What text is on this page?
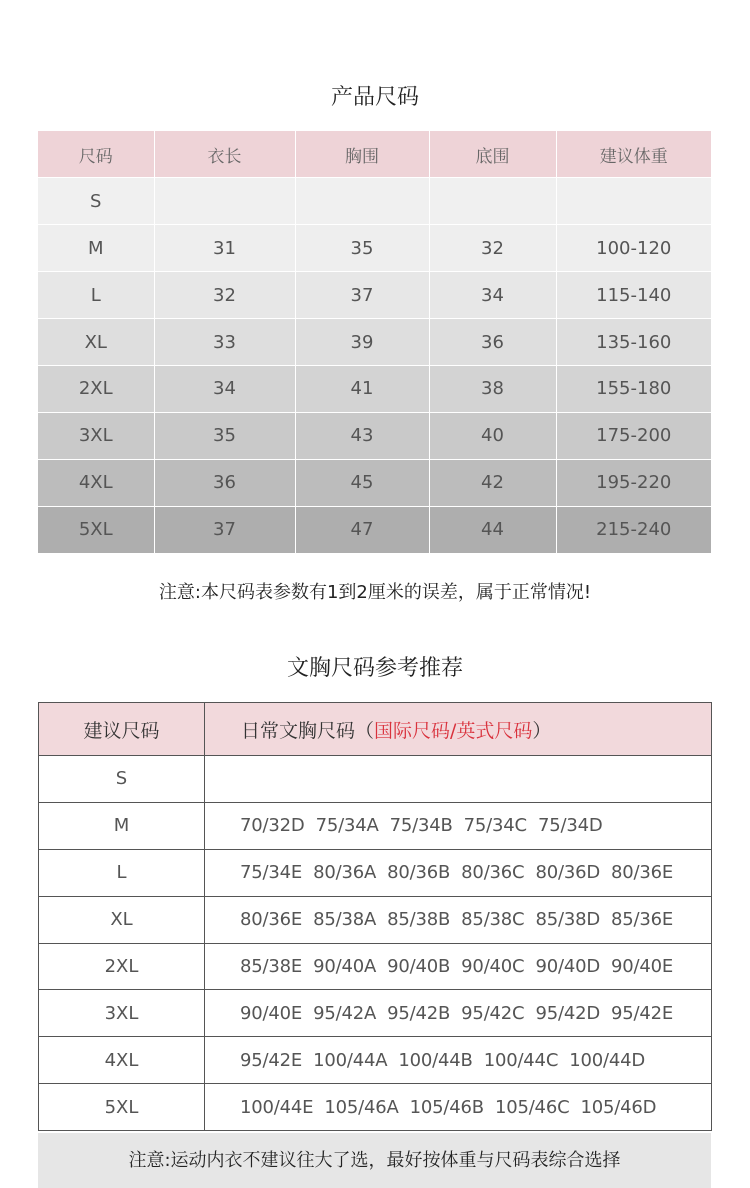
产品尺码
尺码	衣长	胸围	底围	建议体重
S				
M	31	35	32	100-120
L	32	37	34	115-140
XL	33	39	36	135-160
2XL	34	41	38	155-180
3XL	35	43	40	175-200
4XL	36	45	42	195-220
5XL	37	47	44	215-240
注意:本尺码表参数有1到2厘米的误差，属于正常情况!
文胸尺码参考推荐
建议尺码	日常文胸尺码（国际尺码/英式尺码）
S	
M	70/32D  75/34A  75/34B  75/34C  75/34D
L	75/34E  80/36A  80/36B  80/36C  80/36D  80/36E
XL	80/36E  85/38A  85/38B  85/38C  85/38D  85/36E
2XL	85/38E  90/40A  90/40B  90/40C  90/40D  90/40E
3XL	90/40E  95/42A  95/42B  95/42C  95/42D  95/42E
4XL	95/42E  100/44A  100/44B  100/44C  100/44D
5XL	100/44E  105/46A  105/46B  105/46C  105/46D
注意:运动内衣不建议往大了选，最好按体重与尺码表综合选择
